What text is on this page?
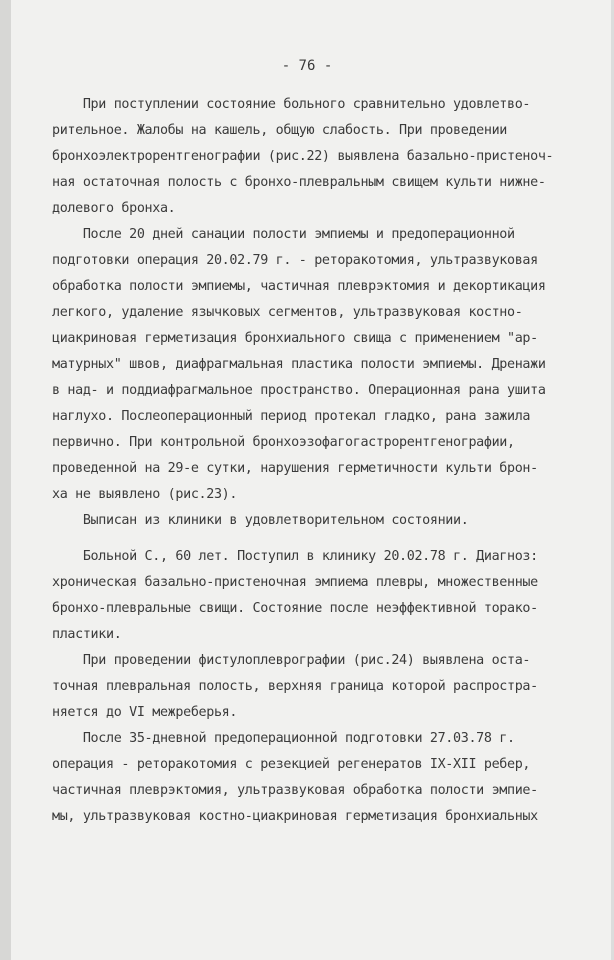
- 76 -
При поступлении состояние больного сравнительно удовлетво-
рительное. Жалобы на кашель, общую слабость. При проведении
бронхоэлектрорентгенографии (рис.22) выявлена базально-пристеноч-
ная остаточная полость с бронхо-плевральным свищем культи нижне-
долевого бронха.
После 20 дней санации полости эмпиемы и предоперационной
подготовки операция 20.02.79 г. - реторакотомия, ультразвуковая
обработка полости эмпиемы, частичная плеврэктомия и декортикация
легкого, удаление язычковых сегментов, ультразвуковая костно-
циакриновая герметизация бронхиального свища с применением "ар-
матурных" швов, диафрагмальная пластика полости эмпиемы. Дренажи
в над- и поддиафрагмальное пространство. Операционная рана ушита
наглухо. Послеоперационный период протекал гладко, рана зажила
первично. При контрольной бронхоэзофагогастрорентгенографии,
проведенной на 29-е сутки, нарушения герметичности культи брон-
ха не выявлено (рис.23).
Выписан из клиники в удовлетворительном состоянии.
Больной С., 60 лет. Поступил в клинику 20.02.78 г. Диагноз:
хроническая базально-пристеночная эмпиема плевры, множественные
бронхо-плевральные свищи. Состояние после неэффективной торако-
пластики.
При проведении фистулоплеврографии (рис.24) выявлена оста-
точная плевральная полость, верхняя граница которой распростра-
няется до VI межреберья.
После 35-дневной предоперационной подготовки 27.03.78 г.
операция - реторакотомия с резекцией регенератов IX-XII ребер,
частичная плеврэктомия, ультразвуковая обработка полости эмпие-
мы, ультразвуковая костно-циакриновая герметизация бронхиальных
